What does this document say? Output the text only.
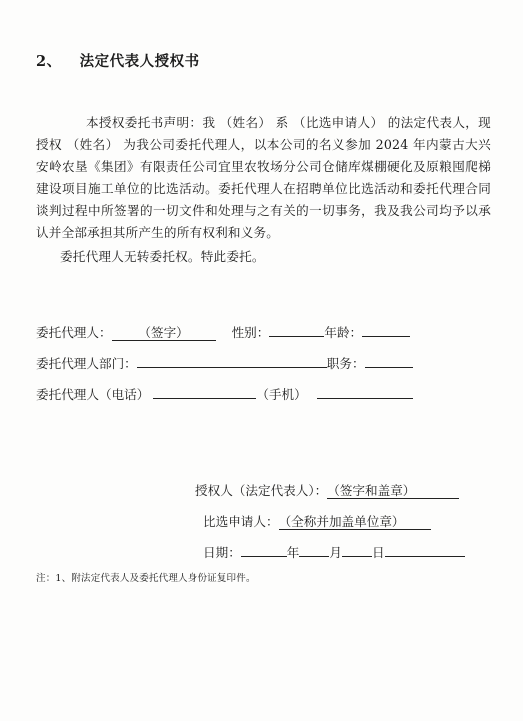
2、 法定代表人授权书

本授权委托书声明：我 （姓名） 系 （比选申请人） 的法定代表人，现授权 （姓名） 为我公司委托代理人，以本公司的名义参加 2024 年内蒙古大兴安岭农垦《集团》有限责任公司宜里农牧场分公司仓储库煤棚硬化及原粮囤爬梯建设项目施工单位的比选活动。委托代理人在招聘单位比选活动和委托代理合同谈判过程中所签署的一切文件和处理与之有关的一切事务，我及我公司均予以承认并全部承担其所产生的所有权利和义务。

委托代理人无转委托权。特此委托。

委托代理人： （签字）	性别：	年龄：
委托代理人部门：	职务：
委托代理人（电话）	（手机）
授权人（法定代表人）：（签字和盖章）
比选申请人：（全称并加盖单位章）
日期：	年 月 日
注：1、附法定代表人及委托代理人身份证复印件。
